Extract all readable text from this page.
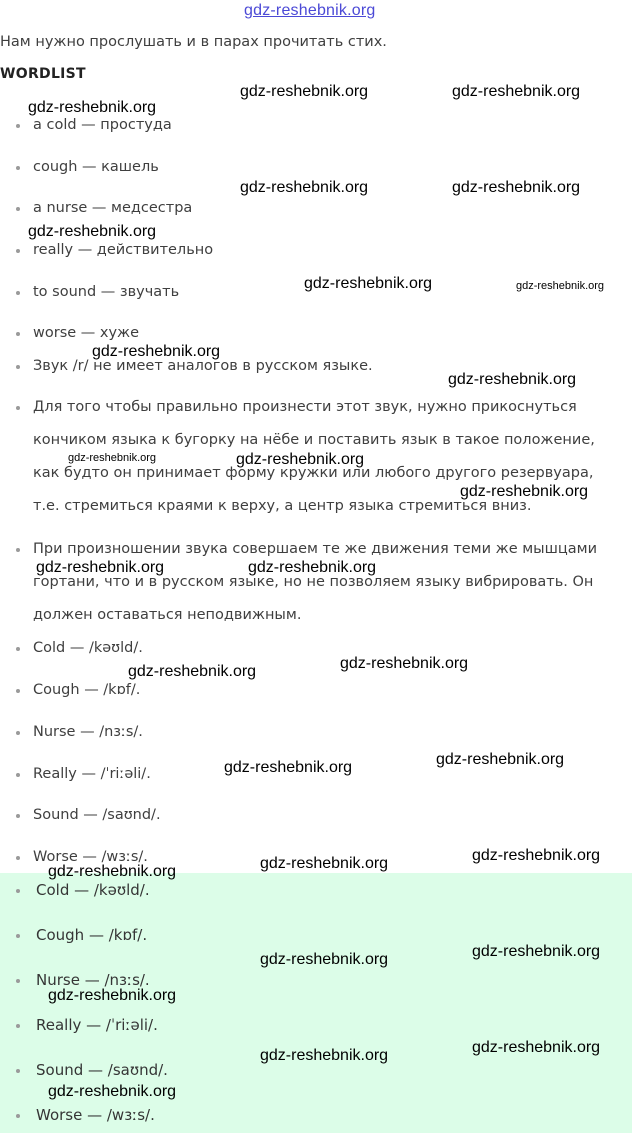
gdz-reshebnik.org
Нам нужно прослушать и в парах прочитать стих.
WORDLIST
a cold — простуда
cough — кашель
a nurse — медсестра
really — действительно
to sound — звучать
worse — хуже
Звук /r/ не имеет аналогов в русском языке.
Для того чтобы правильно произнести этот звук, нужно прикоснуться
кончиком языка к бугорку на нёбе и поставить язык в такое положение,
как будто он принимает форму кружки или любого другого резервуара,
т.е. стремиться краями к верху, а центр языка стремиться вниз.
При произношении звука совершаем те же движения теми же мышцами
гортани, что и в русском языке, но не позволяем языку вибрировать. Он
должен оставаться неподвижным.
Cold — /kəʊld/.
Cough — /kɒf/.
Nurse — /nɜːs/.
Really — /ˈriːəli/.
Sound — /saʊnd/.
Worse — /wɜːs/.
Cold — /kəʊld/.
Cough — /kɒf/.
Nurse — /nɜːs/.
Really — /ˈriːəli/.
Sound — /saʊnd/.
Worse — /wɜːs/.
gdz-reshebnik.org	gdz-reshebnik.org
gdz-reshebnik.org
gdz-reshebnik.org	gdz-reshebnik.org
gdz-reshebnik.org
gdz-reshebnik.org	gdz-reshebnik.org
gdz-reshebnik.org
gdz-reshebnik.org
gdz-reshebnik.org	gdz-reshebnik.org
gdz-reshebnik.org
gdz-reshebnik.org	gdz-reshebnik.org
gdz-reshebnik.org
gdz-reshebnik.org
gdz-reshebnik.org
gdz-reshebnik.org
gdz-reshebnik.org
gdz-reshebnik.org
gdz-reshebnik.org
gdz-reshebnik.org
gdz-reshebnik.org
gdz-reshebnik.org
gdz-reshebnik.org
gdz-reshebnik.org
gdz-reshebnik.org
